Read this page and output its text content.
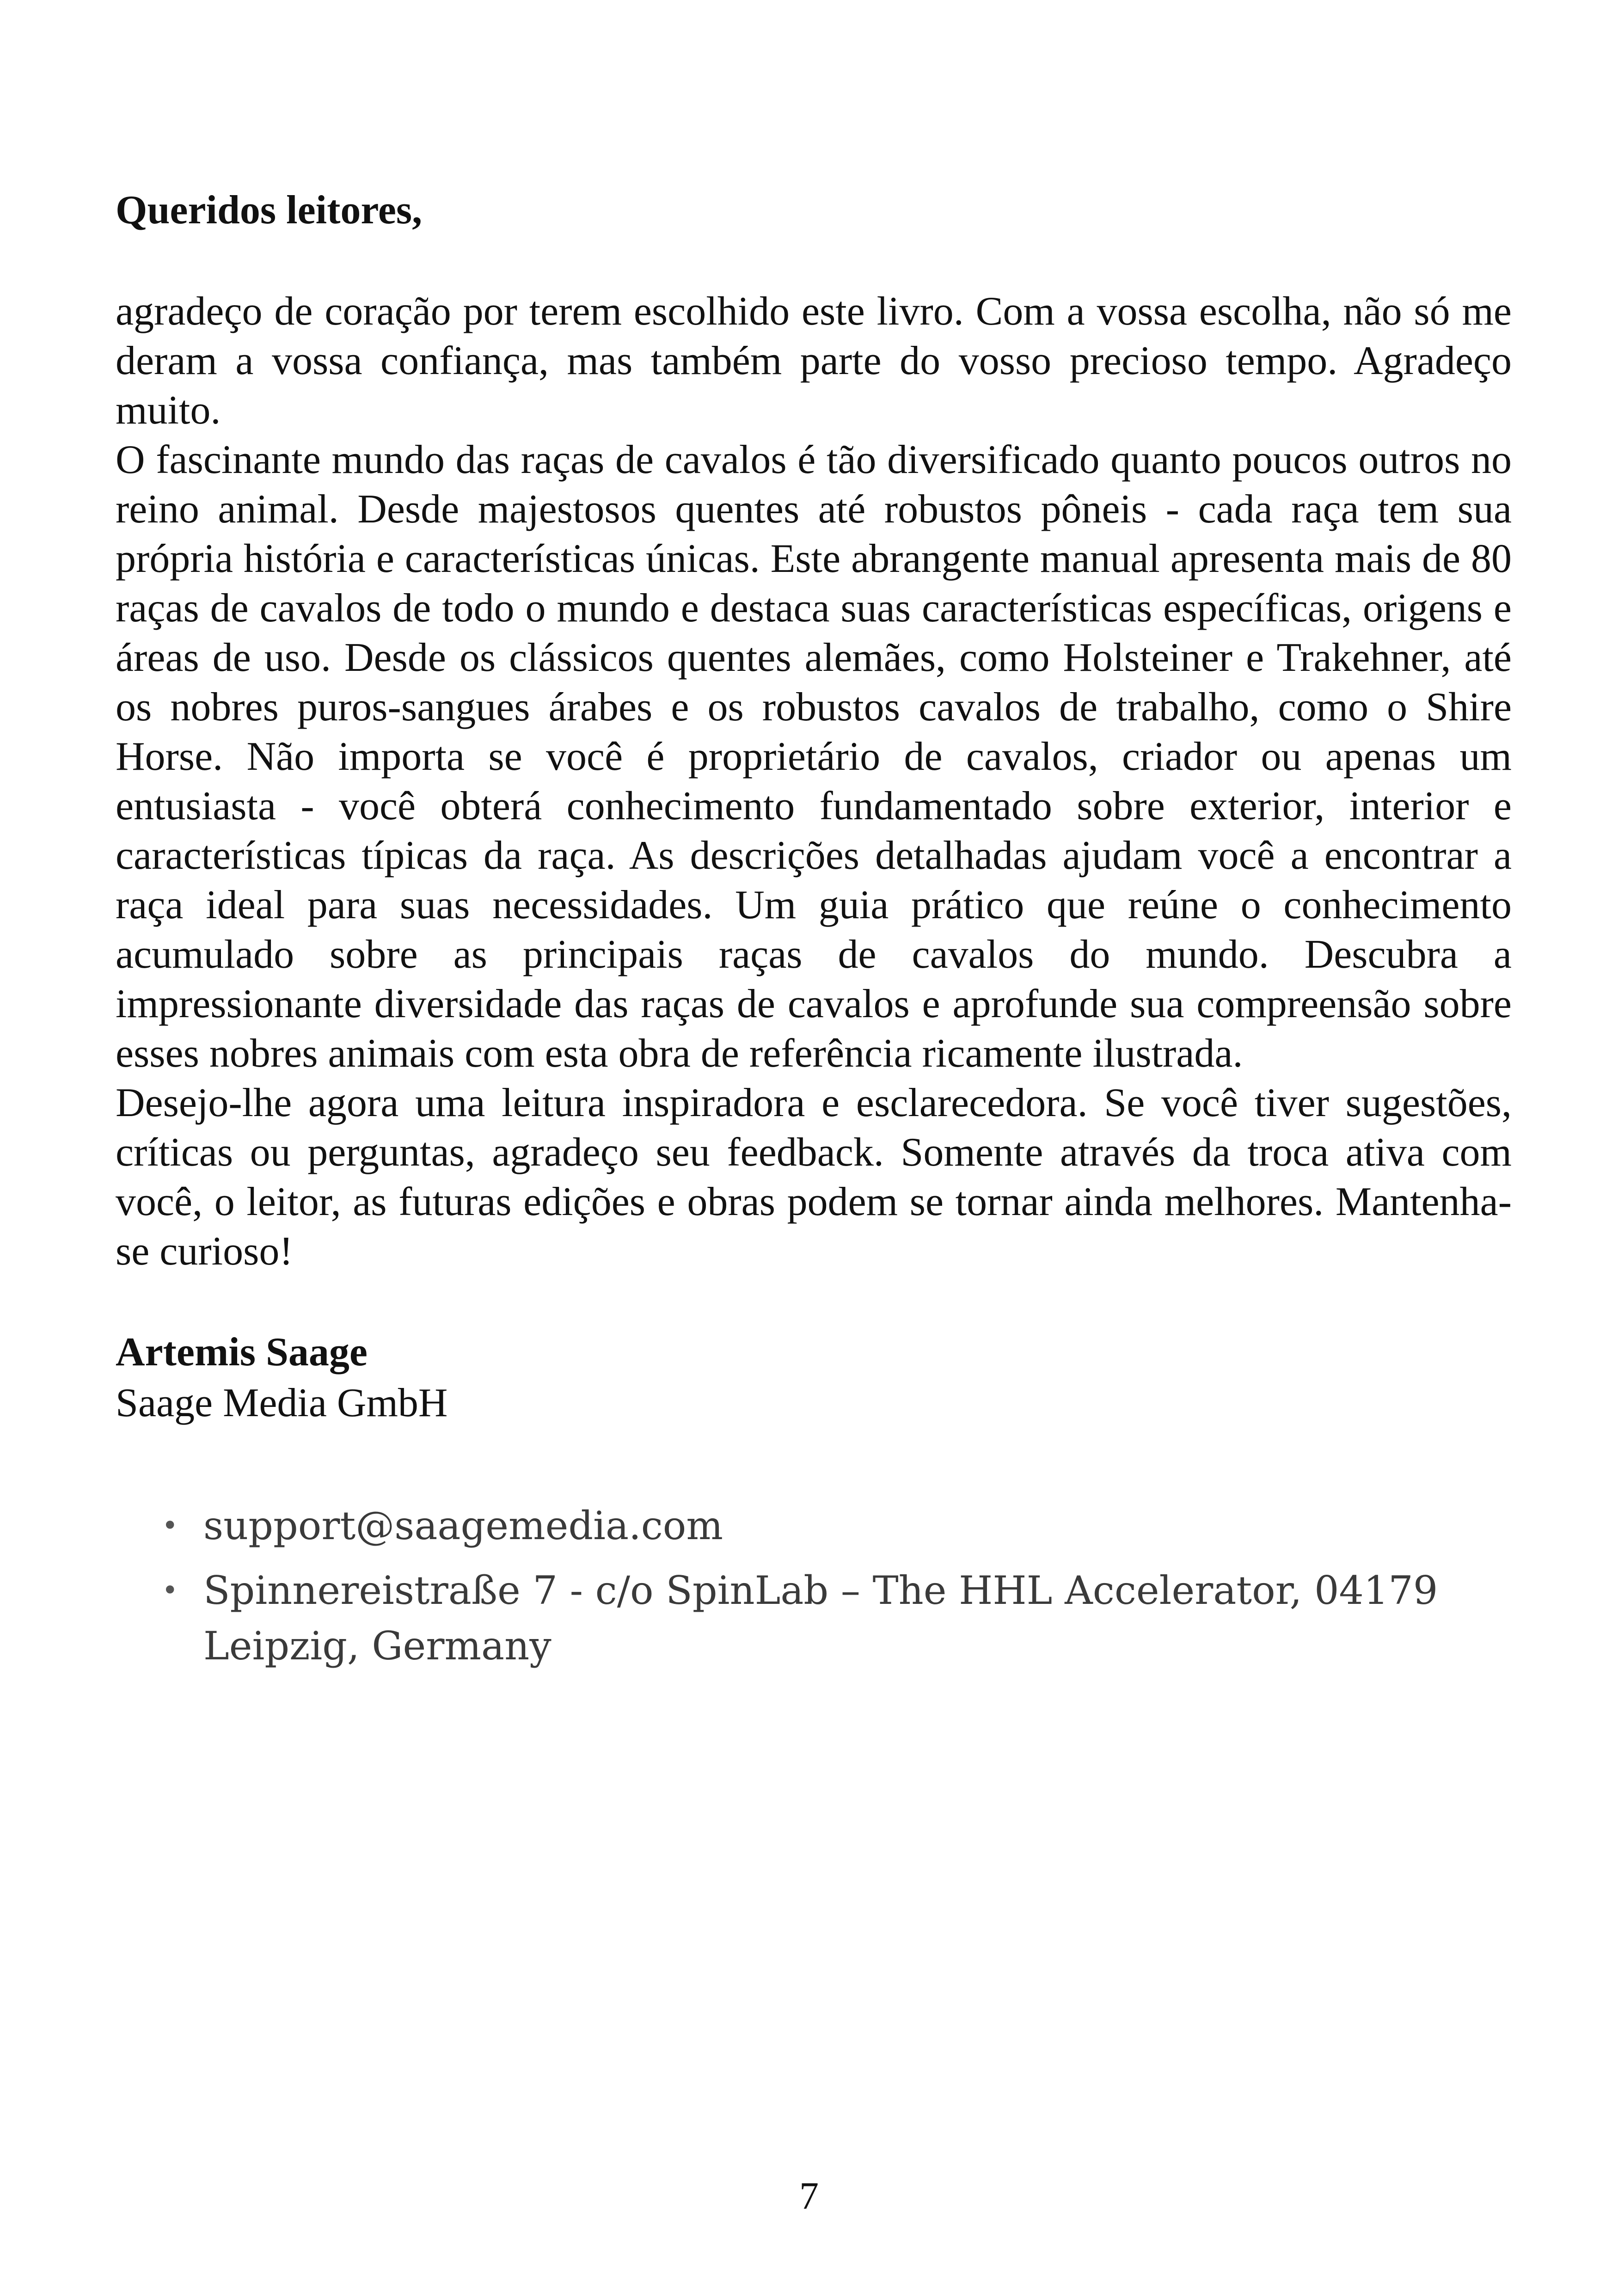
Queridos leitores,

agradeço de coração por terem escolhido este livro. Com a vossa escolha, não só me deram a vossa confiança, mas também parte do vosso precioso tempo. Agradeço muito.

O fascinante mundo das raças de cavalos é tão diversificado quanto poucos outros no reino animal. Desde majestosos quentes até robustos pôneis - cada raça tem sua própria história e características únicas. Este abrangente manual apresenta mais de 80 raças de cavalos de todo o mundo e destaca suas características específicas, origens e áreas de uso. Desde os clássicos quentes alemães, como Holsteiner e Trakehner, até os nobres puros-sangues árabes e os robustos cavalos de trabalho, como o Shire Horse. Não importa se você é proprietário de cavalos, criador ou apenas um entusiasta - você obterá conhecimento fundamentado sobre exterior, interior e características típicas da raça. As descrições detalhadas ajudam você a encontrar a raça ideal para suas necessidades. Um guia prático que reúne o conhecimento acumulado sobre as principais raças de cavalos do mundo. Descubra a impressionante diversidade das raças de cavalos e aprofunde sua compreensão sobre esses nobres animais com esta obra de referência ricamente ilustrada.

Desejo-lhe agora uma leitura inspiradora e esclarecedora. Se você tiver sugestões, críticas ou perguntas, agradeço seu feedback. Somente através da troca ativa com você, o leitor, as futuras edições e obras podem se tornar ainda melhores. Mantenha-se curioso!

Artemis Saage
Saage Media GmbH
• support@saagemedia.com
• Spinnereistraße 7 - c/o SpinLab – The HHL Accelerator, 04179
Leipzig, Germany
7
